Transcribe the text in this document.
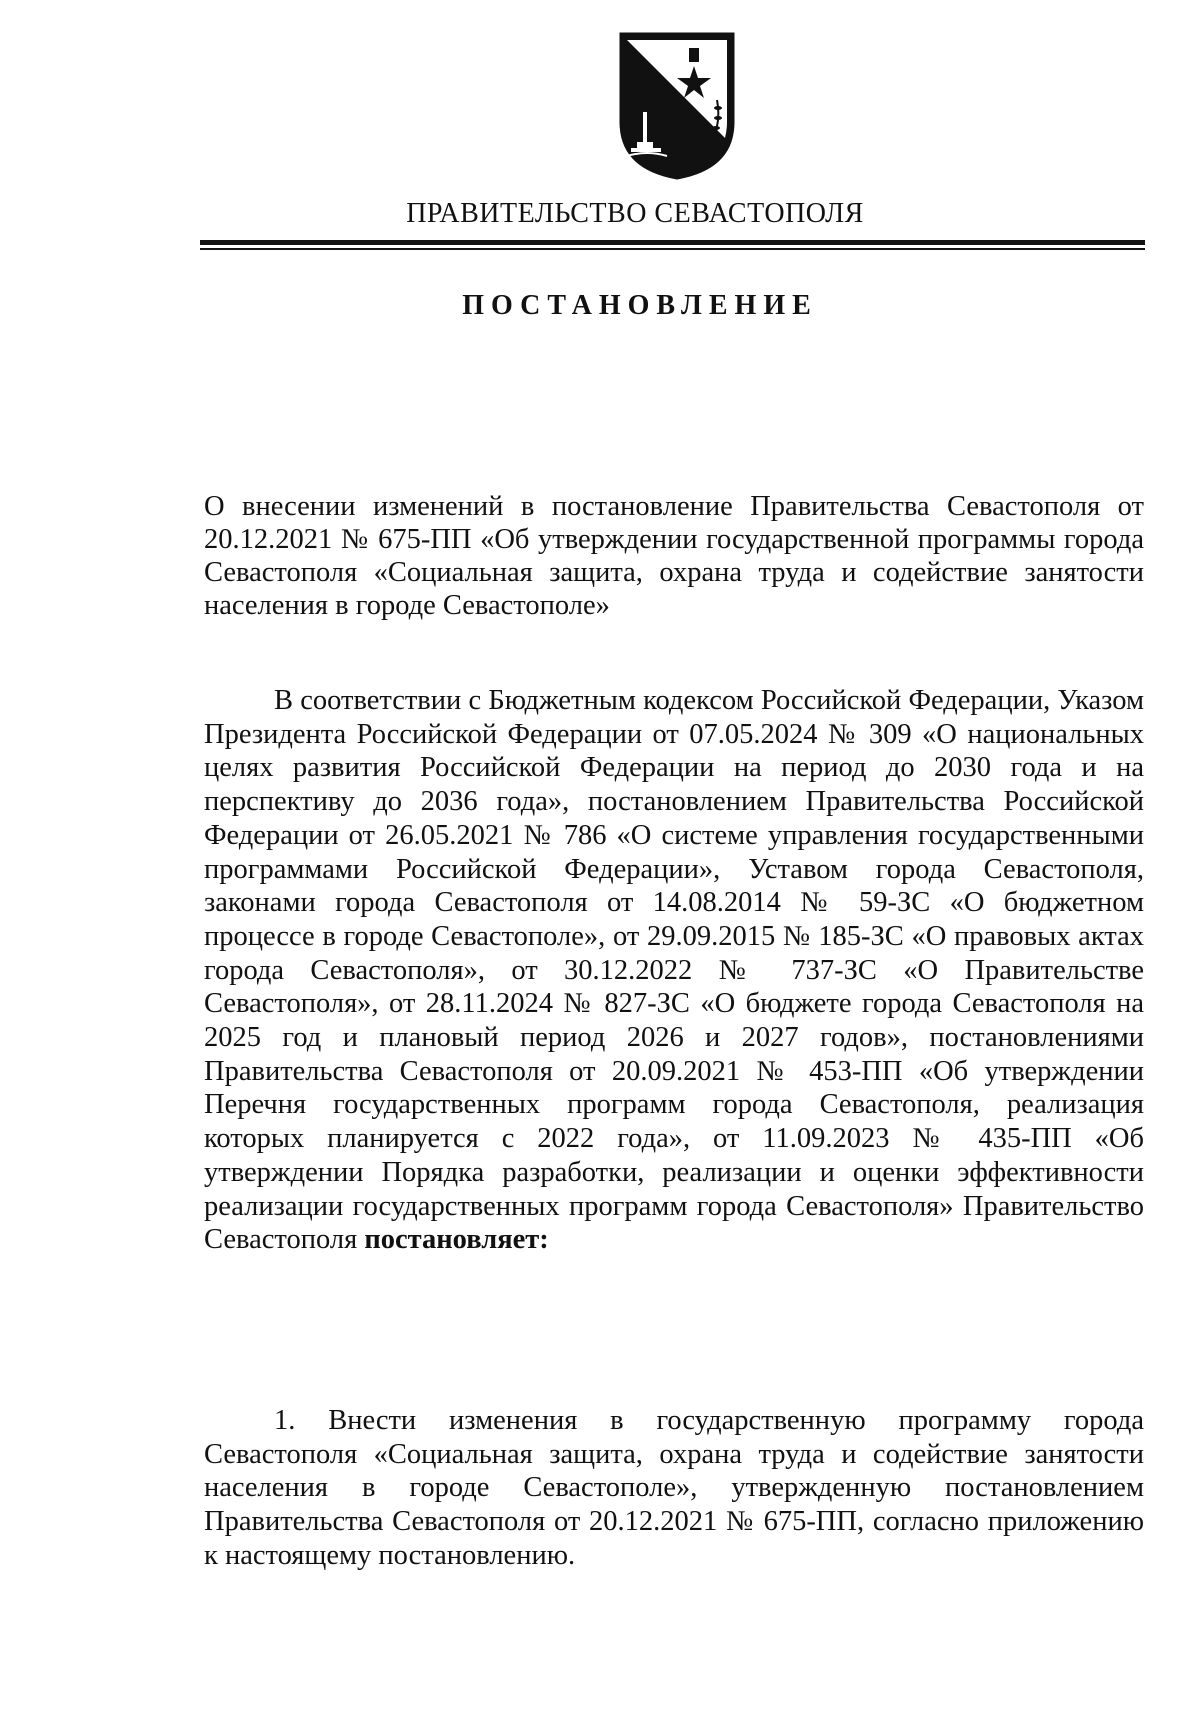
ПРАВИТЕЛЬСТВО СЕВАСТОПОЛЯ
ПОСТАНОВЛЕНИЕ
О внесении изменений в постановление Правительства Севастополя от 20.12.2021 № 675-ПП «Об утверждении государственной программы города Севастополя «Социальная защита, охрана труда и содействие занятости населения в городе Севастополе»
В соответствии с Бюджетным кодексом Российской Федерации, Указом Президента Российской Федерации от 07.05.2024 № 309 «О национальных целях развития Российской Федерации на период до 2030 года и на перспективу до 2036 года», постановлением Правительства Российской Федерации от 26.05.2021 № 786 «О системе управления государственными программами Российской Федерации», Уставом города Севастополя, законами города Севастополя от 14.08.2014 № 59-ЗС «О бюджетном процессе в городе Севастополе», от 29.09.2015 № 185-ЗС «О правовых актах города Севастополя», от 30.12.2022 № 737-ЗС «О Правительстве Севастополя», от 28.11.2024 № 827-ЗС «О бюджете города Севастополя на 2025 год и плановый период 2026 и 2027 годов», постановлениями Правительства Севастополя от 20.09.2021 № 453-ПП «Об утверждении Перечня государственных программ города Севастополя, реализация которых планируется с 2022 года», от 11.09.2023 № 435-ПП «Об утверждении Порядка разработки, реализации и оценки эффективности реализации государственных программ города Севастополя» Правительство Севастополя постановляет:
1. Внести изменения в государственную программу города Севастополя «Социальная защита, охрана труда и содействие занятости населения в городе Севастополе», утвержденную постановлением Правительства Севастополя от 20.12.2021 № 675-ПП, согласно приложению к настоящему постановлению.
